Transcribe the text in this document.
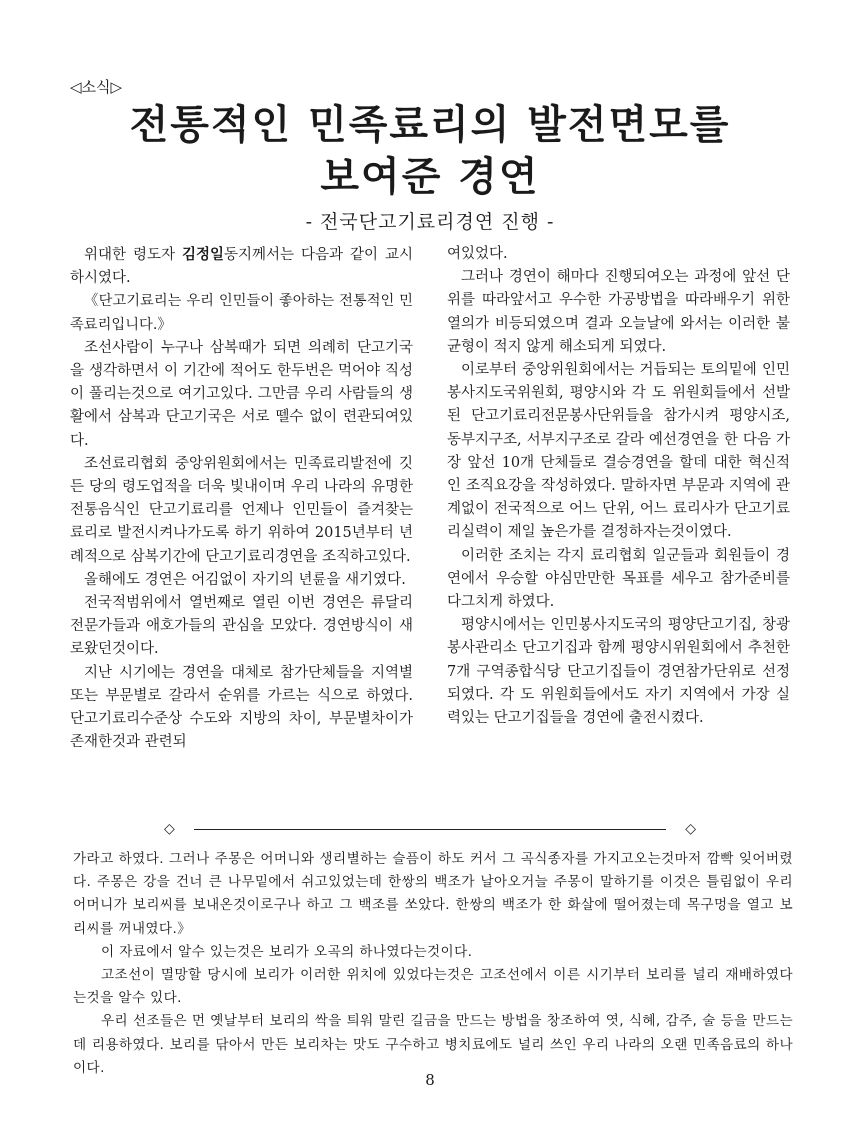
◁소식▷
전통적인 민족료리의 발전면모를
보여준 경연
- 전국단고기료리경연 진행 -

위대한 령도자 김정일동지께서는 다음과 같이 교시하시였다.

《단고기료리는 우리 인민들이 좋아하는 전통적인 민족료리입니다.》

조선사람이 누구나 삼복때가 되면 의례히 단고기국을 생각하면서 이 기간에 적어도 한두번은 먹어야 직성이 풀리는것으로 여기고있다. 그만큼 우리 사람들의 생활에서 삼복과 단고기국은 서로 뗄수 없이 련관되여있다.

조선료리협회 중앙위원회에서는 민족료리발전에 깃든 당의 령도업적을 더욱 빛내이며 우리 나라의 유명한 전통음식인 단고기료리를 언제나 인민들이 즐겨찾는 료리로 발전시켜나가도록 하기 위하여 2015년부터 년례적으로 삼복기간에 단고기료리경연을 조직하고있다.

올해에도 경연은 어김없이 자기의 년륜을 새기였다.

전국적범위에서 열번째로 열린 이번 경연은 류달리 전문가들과 애호가들의 관심을 모았다. 경연방식이 새로왔던것이다.

지난 시기에는 경연을 대체로 참가단체들을 지역별 또는 부문별로 갈라서 순위를 가르는 식으로 하였다. 단고기료리수준상 수도와 지방의 차이, 부문별차이가 존재한것과 관련되

여있었다.

그러나 경연이 해마다 진행되여오는 과정에 앞선 단위를 따라앞서고 우수한 가공방법을 따라배우기 위한 열의가 비등되였으며 결과 오늘날에 와서는 이러한 불균형이 적지 않게 해소되게 되였다.

이로부터 중앙위원회에서는 거듭되는 토의밑에 인민봉사지도국위원회, 평양시와 각 도 위원회들에서 선발된 단고기료리전문봉사단위들을 참가시켜 평양시조, 동부지구조, 서부지구조로 갈라 예선경연을 한 다음 가장 앞선 10개 단체들로 결승경연을 할데 대한 혁신적인 조직요강을 작성하였다. 말하자면 부문과 지역에 관계없이 전국적으로 어느 단위, 어느 료리사가 단고기료리실력이 제일 높은가를 결정하자는것이였다.

이러한 조치는 각지 료리협회 일군들과 회원들이 경연에서 우승할 야심만만한 목표를 세우고 참가준비를 다그치게 하였다.

평양시에서는 인민봉사지도국의 평양단고기집, 창광봉사관리소 단고기집과 함께 평양시위원회에서 추천한 7개 구역종합식당 단고기집들이 경연참가단위로 선정되였다. 각 도 위원회들에서도 자기 지역에서 가장 실력있는 단고기집들을 경연에 출전시켰다.

◇	◇

가라고 하였다. 그러나 주몽은 어머니와 생리별하는 슬픔이 하도 커서 그 곡식종자를 가지고오는것마저 깜빡 잊어버렸다. 주몽은 강을 건너 큰 나무밑에서 쉬고있었는데 한쌍의 백조가 날아오거늘 주몽이 말하기를 이것은 틀림없이 우리 어머니가 보리씨를 보내온것이로구나 하고 그 백조를 쏘았다. 한쌍의 백조가 한 화살에 떨어졌는데 목구멍을 열고 보리씨를 꺼내였다.》

이 자료에서 알수 있는것은 보리가 오곡의 하나였다는것이다.

고조선이 멸망할 당시에 보리가 이러한 위치에 있었다는것은 고조선에서 이른 시기부터 보리를 널리 재배하였다는것을 알수 있다.

우리 선조들은 먼 옛날부터 보리의 싹을 틔워 말린 길금을 만드는 방법을 창조하여 엿, 식혜, 감주, 술 등을 만드는데 리용하였다. 보리를 닦아서 만든 보리차는 맛도 구수하고 병치료에도 널리 쓰인 우리 나라의 오랜 민족음료의 하나이다.

8
